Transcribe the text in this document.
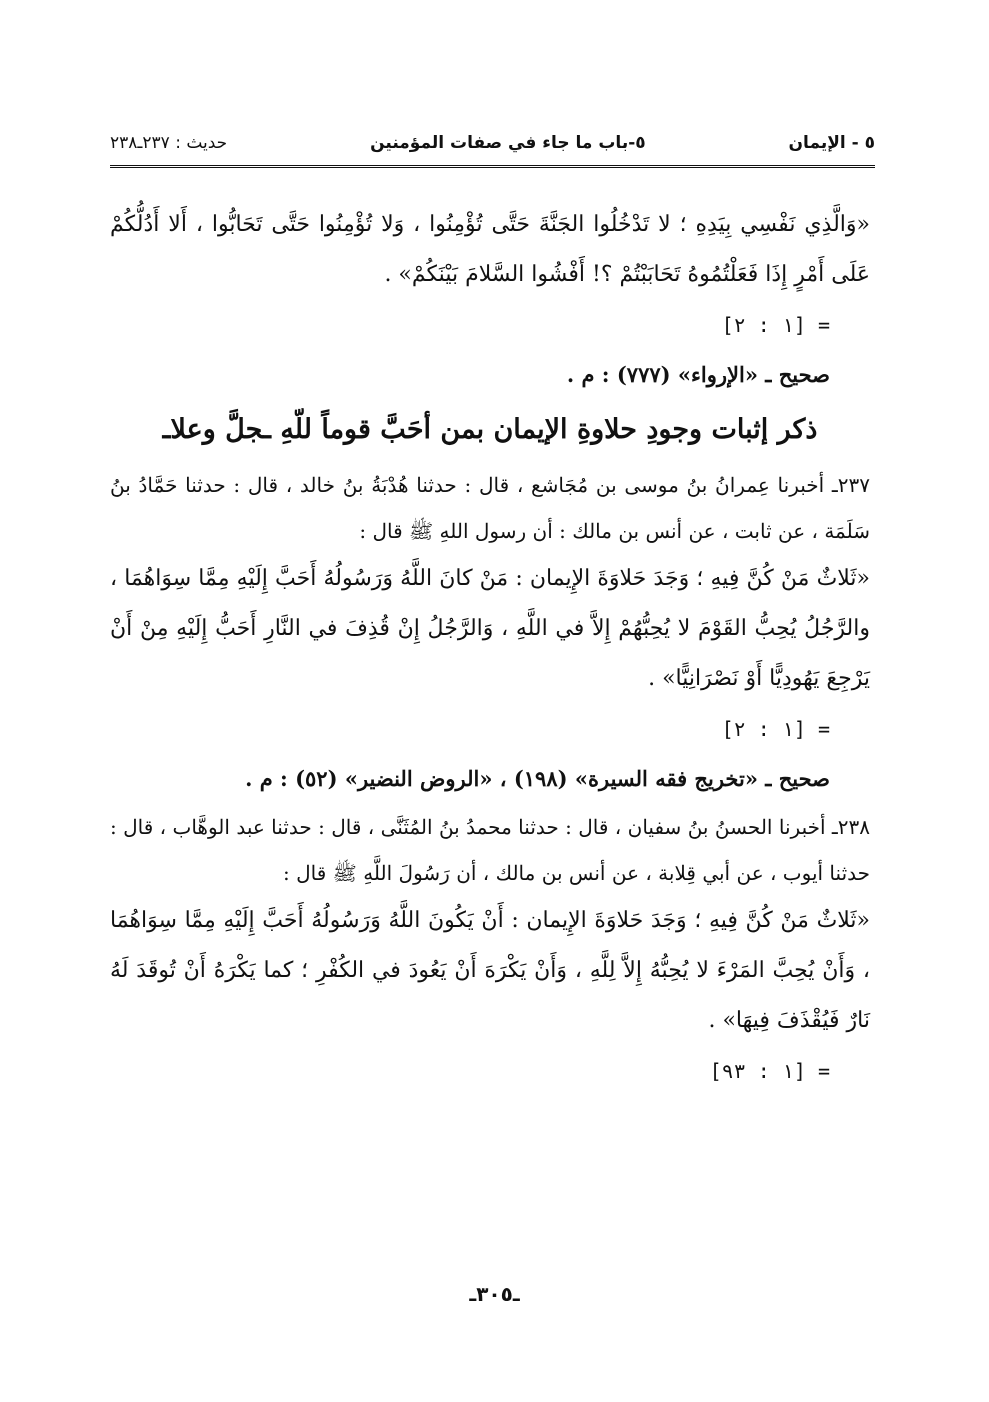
٥ - الإيمان
٥-باب ما جاء في صفات المؤمنين
حديث : ٢٣٧ـ٢٣٨

«وَالَّذِي نَفْسِي بِيَدِهِ ؛ لا تَدْخُلُوا الجَنَّةَ حَتَّى تُؤْمِنُوا ، وَلا تُؤْمِنُوا حَتَّى تَحَابُّوا ، أَلا أَدُلُّكُمْ عَلَى أَمْرٍ إِذَا فَعَلْتُمُوهُ تَحَابَبْتُمْ ؟! أَفْشُوا السَّلامَ بَيْنَكُمْ» .

= [١ : ٢]

صحيح ـ «الإرواء» (٧٧٧) : م .

ذكر إثبات وجودِ حلاوةِ الإيمان بمن أحَبَّ قوماً للّهِ ـجلَّ وعلاـ

٢٣٧ـ أخبرنا عِمرانُ بنُ موسى بن مُجَاشع ، قال : حدثنا هُدْبَةُ بنُ خالد ، قال : حدثنا حَمَّادُ بنُ سَلَمَة ، عن ثابت ، عن أنس بن مالك : أن رسول اللهِ ﷺ قال :

«ثَلاثٌ مَنْ كُنَّ فِيهِ ؛ وَجَدَ حَلاوَةَ الإِيمان : مَنْ كانَ اللَّهُ وَرَسُولُهُ أَحَبَّ إِلَيْهِ مِمَّا سِوَاهُمَا ، والرَّجُلُ يُحِبُّ القَوْمَ لا يُحِبُّهُمْ إِلاَّ في اللَّهِ ، وَالرَّجُلُ إِنْ قُذِفَ في النَّارِ أَحَبُّ إِلَيْهِ مِنْ أَنْ يَرْجِعَ يَهُودِيًّا أَوْ نَصْرَانِيًّا» .

= [١ : ٢]

صحيح ـ «تخريج فقه السيرة» (١٩٨) ، «الروض النضير» (٥٢) : م .

٢٣٨ـ أخبرنا الحسنُ بنُ سفيان ، قال : حدثنا محمدُ بنُ المُثَنَّى ، قال : حدثنا عبد الوهَّاب ، قال : حدثنا أيوب ، عن أبي قِلابة ، عن أنس بن مالك ، أن رَسُولَ اللَّهِ ﷺ قال :

«ثَلاثٌ مَنْ كُنَّ فِيهِ ؛ وَجَدَ حَلاوَةَ الإِيمان : أَنْ يَكُونَ اللَّهُ وَرَسُولُهُ أَحَبَّ إِلَيْهِ مِمَّا سِوَاهُمَا ، وَأَنْ يُحِبَّ المَرْءَ لا يُحِبُّهُ إِلاَّ لِلَّهِ ، وَأَنْ يَكْرَهَ أَنْ يَعُودَ في الكُفْرِ ؛ كما يَكْرَهُ أَنْ تُوقَدَ لَهُ نَارٌ فَيُقْذَفَ فِيهَا» .

= [١ : ٩٣]

ـ٣٠٥ـ
